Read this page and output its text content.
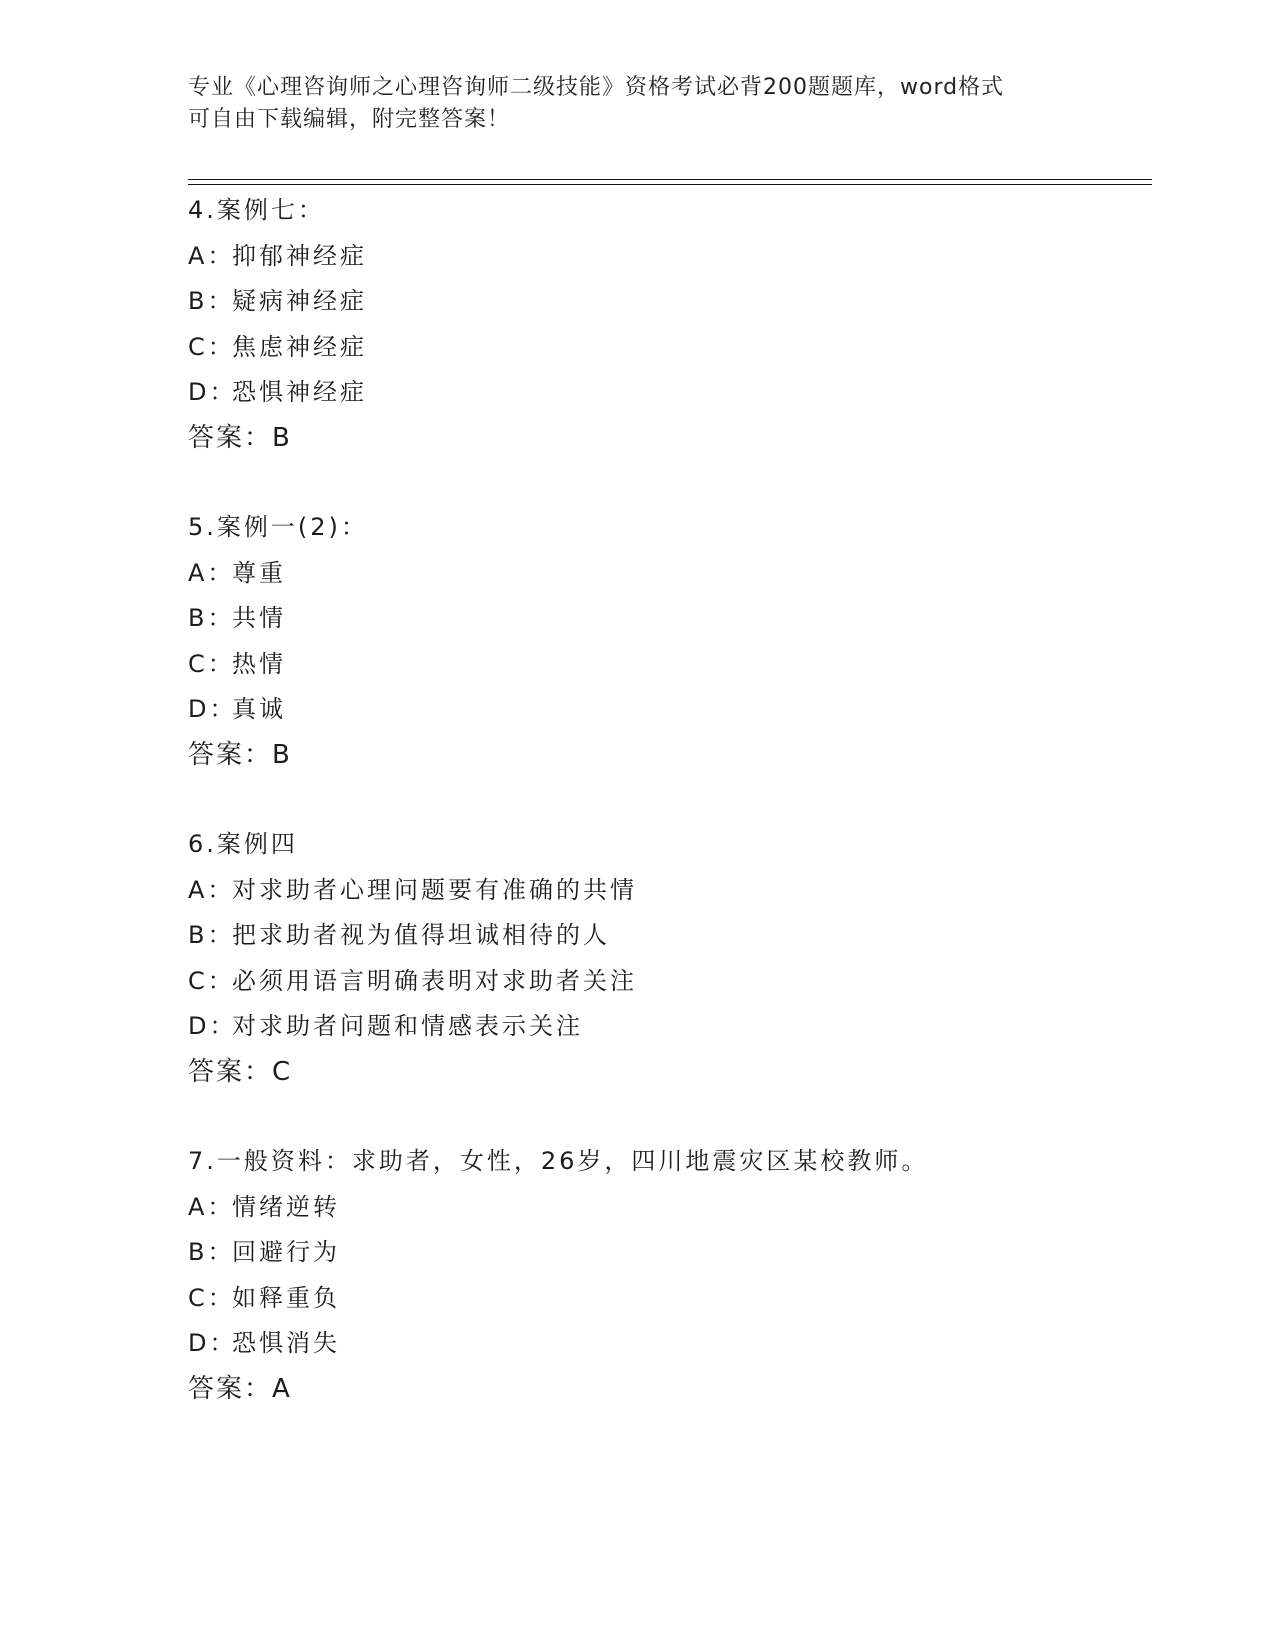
专业《心理咨询师之心理咨询师二级技能》资格考试必背200题题库，word格式
可自由下载编辑，附完整答案！
4.案例七：
A：抑郁神经症
B：疑病神经症
C：焦虑神经症
D：恐惧神经症
答案：B
5.案例一(2)：
A：尊重
B：共情
C：热情
D：真诚
答案：B
6.案例四
A：对求助者心理问题要有准确的共情
B：把求助者视为值得坦诚相待的人
C：必须用语言明确表明对求助者关注
D：对求助者问题和情感表示关注
答案：C
7.一般资料：求助者，女性，26岁，四川地震灾区某校教师。
A：情绪逆转
B：回避行为
C：如释重负
D：恐惧消失
答案：A
